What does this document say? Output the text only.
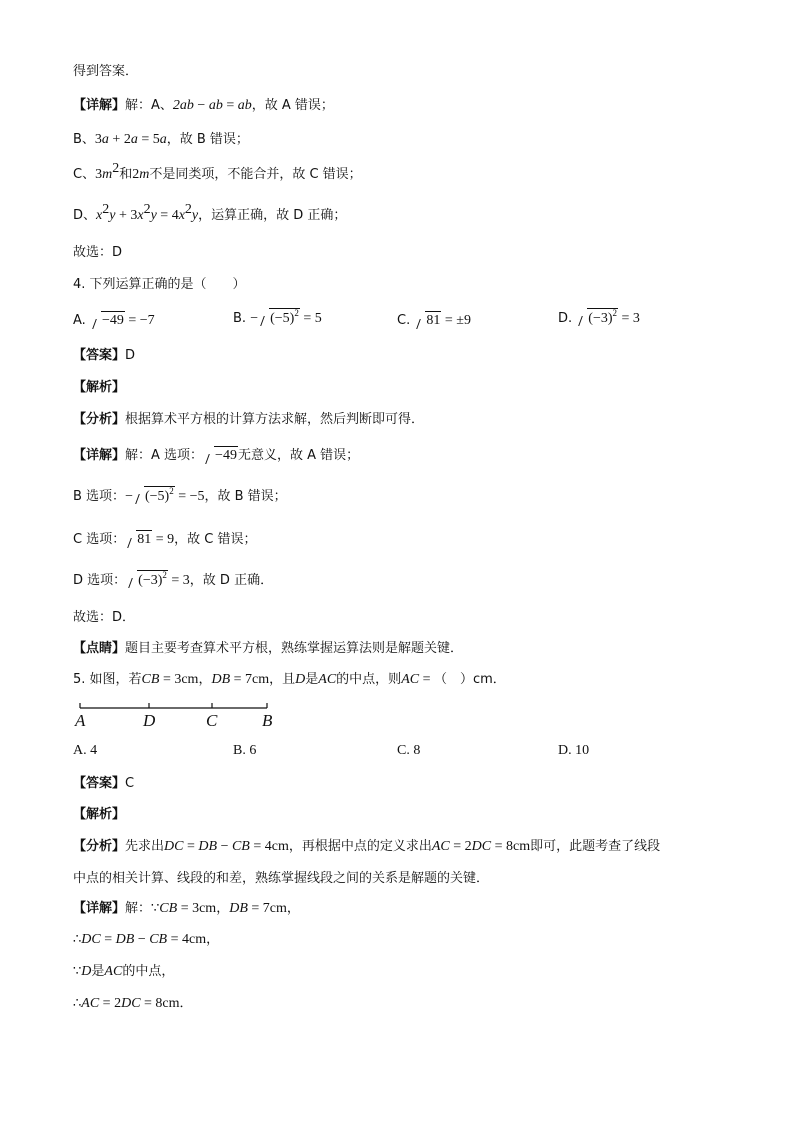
得到答案．
【详解】解：A、2ab − ab = ab，故 A 错误；
B、3a + 2a = 5a，故 B 错误；
C、$3m^2$和2m不是同类项，不能合并，故 C 错误；
D、$x^2y + 3x^2y = 4x^2y$，运算正确，故 D 正确；
故选：D
4. 下列运算正确的是（　　）
A. −49 = −7	B. − $(-5)^2 = 5$	C. 81 = ±9	D. $(-3)^2 = 3$
【答案】D
【解析】
【分析】根据算术平方根的计算方法求解，然后判断即可得．
【详解】解：A 选项： −49无意义，故 A 错误；
B 选项：− $(-5)^2 = -5$，故 B 错误；
C 选项： 81 = 9，故 C 错误；
D 选项： $(-3)^2 = 3$，故 D 正确．
故选：D．
【点睛】题目主要考查算术平方根，熟练掌握运算法则是解题关键．
5. 如图，若CB = 3cm，DB = 7cm，且D是AC的中点，则AC = （　）cm．
A	D	C	B
A. 4	B. 6	C. 8	D. 10
【答案】C
【解析】
【分析】先求出DC = DB − CB = 4cm，再根据中点的定义求出AC = 2DC = 8cm即可，此题考查了线段
中点的相关计算、线段的和差，熟练掌握线段之间的关系是解题的关键．
【详解】解：∵CB = 3cm，DB = 7cm，
∴DC = DB − CB = 4cm，
∵D是AC的中点，
∴AC = 2DC = 8cm．
